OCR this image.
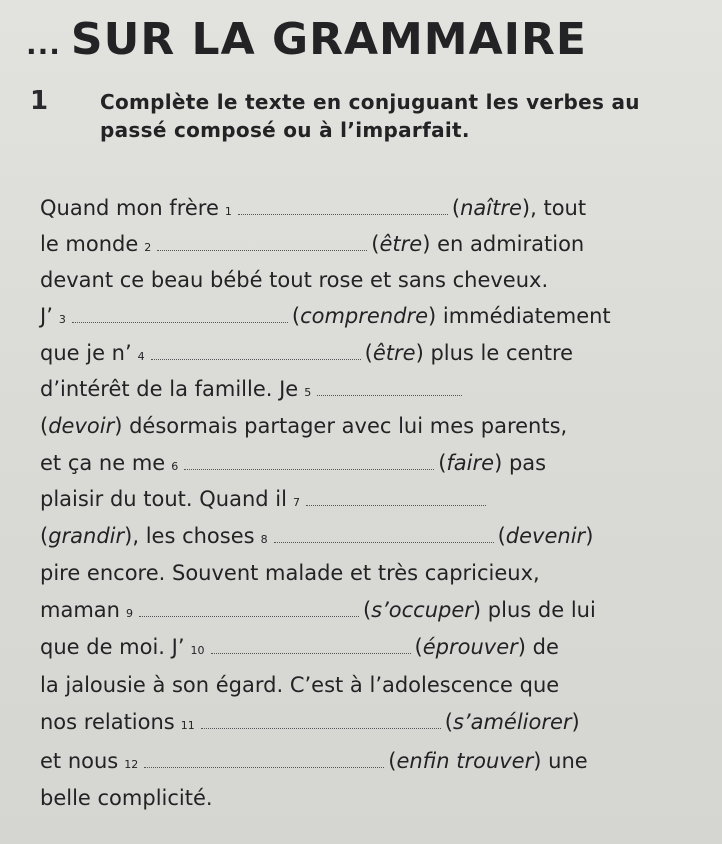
... SUR LA GRAMMAIRE
1	Complète le texte en conjuguant les verbes au passé composé ou à l’imparfait.
Quand mon frère 1	( naître ) , tout
le monde 2	( être ) en admiration
devant ce beau bébé tout rose et sans cheveux.
J’ 3	( comprendre ) immédiatement
que je n’ 4	( être ) plus le centre
d’intérêt de la famille. Je 5
( devoir ) désormais partager avec lui mes parents,
et ça ne me 6	( faire ) pas
plaisir du tout. Quand il 7
( grandir ) , les choses 8	( devenir )
pire encore. Souvent malade et très capricieux,
maman 9	( s’occuper ) plus de lui
que de moi. J’ 10	( éprouver ) de
la jalousie à son égard. C’est à l’adolescence que
nos relations 11	( s’améliorer )
et nous 12	( enfin trouver ) une
belle complicité.
